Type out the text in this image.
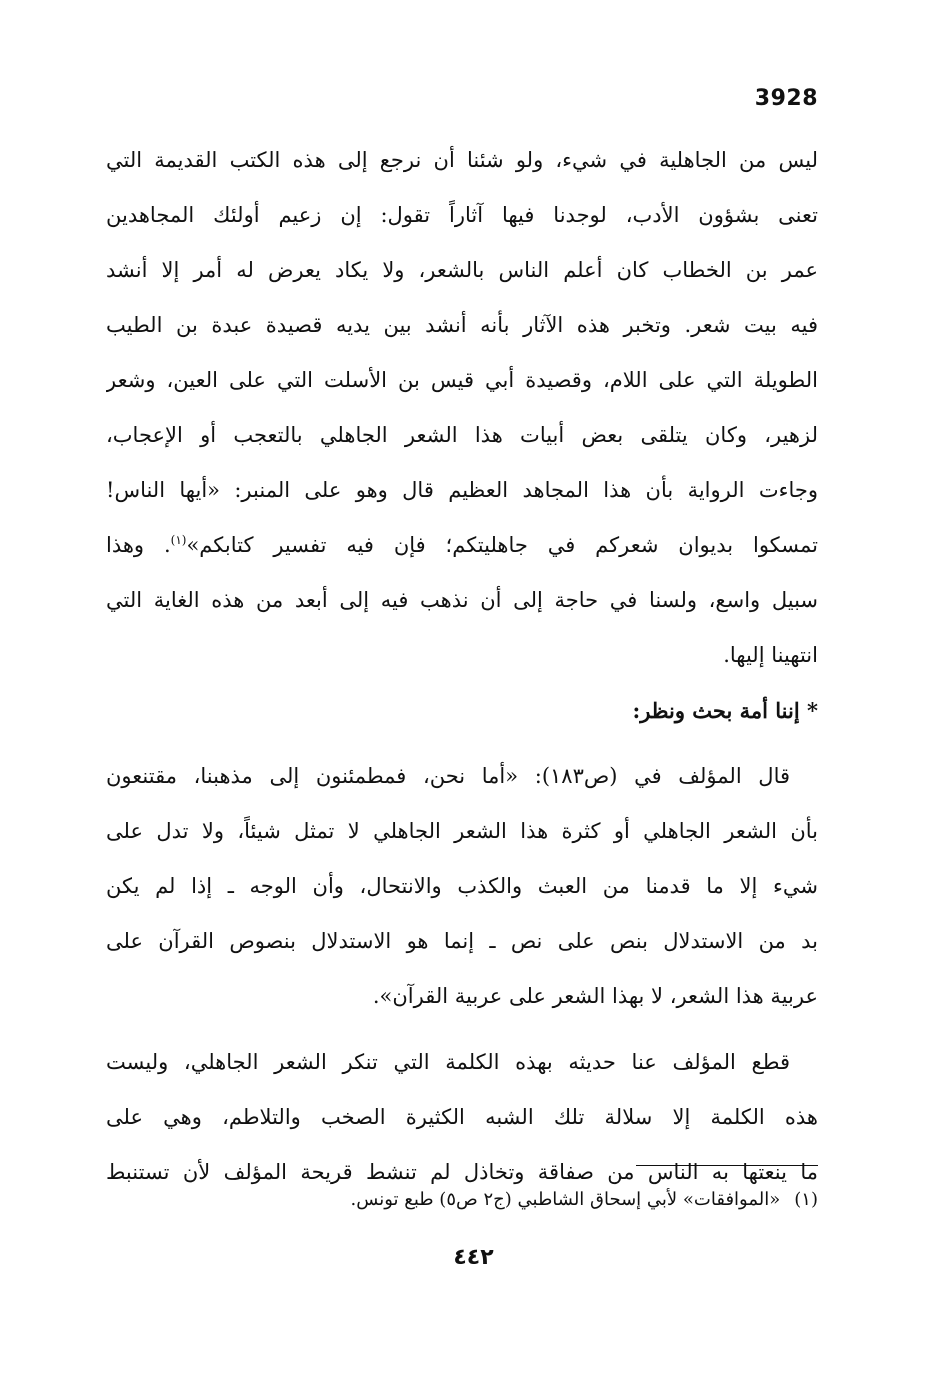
3928
ليس من الجاهلية في شيء، ولو شئنا أن نرجع إلى هذه الكتب القديمة التي
تعنى بشؤون الأدب، لوجدنا فيها آثاراً تقول: إن زعيم أولئك المجاهدين
عمر بن الخطاب كان أعلم الناس بالشعر، ولا يكاد يعرض له أمر إلا أنشد
فيه بيت شعر. وتخبر هذه الآثار بأنه أنشد بين يديه قصيدة عبدة بن الطيب
الطويلة التي على اللام، وقصيدة أبي قيس بن الأسلت التي على العين، وشعر
لزهير، وكان يتلقى بعض أبيات هذا الشعر الجاهلي بالتعجب أو الإعجاب،
وجاءت الرواية بأن هذا المجاهد العظيم قال وهو على المنبر: «أيها الناس!
تمسكوا بديوان شعركم في جاهليتكم؛ فإن فيه تفسير كتابكم»$^{(١)}$. وهذا
سبيل واسع، ولسنا في حاجة إلى أن نذهب فيه إلى أبعد من هذه الغاية التي
انتهينا إليها.
* إننا أمة بحث ونظر:
قال المؤلف في (ص١٨٣): «أما نحن، فمطمئنون إلى مذهبنا، مقتنعون
بأن الشعر الجاهلي أو كثرة هذا الشعر الجاهلي لا تمثل شيئاً، ولا تدل على
شيء إلا ما قدمنا من العبث والكذب والانتحال، وأن الوجه ـ إذا لم يكن
بد من الاستدلال بنص على نص ـ إنما هو الاستدلال بنصوص القرآن على
عربية هذا الشعر، لا بهذا الشعر على عربية القرآن».
قطع المؤلف عنا حديثه بهذه الكلمة التي تنكر الشعر الجاهلي، وليست
هذه الكلمة إلا سلالة تلك الشبه الكثيرة الصخب والتلاطم، وهي على
ما ينعتها به الناس من صفاقة وتخاذل لم تنشط قريحة المؤلف لأن تستنبط
(١)«الموافقات» لأبي إسحاق الشاطبي (ج٢ ص٥) طبع تونس.
٤٤٢
